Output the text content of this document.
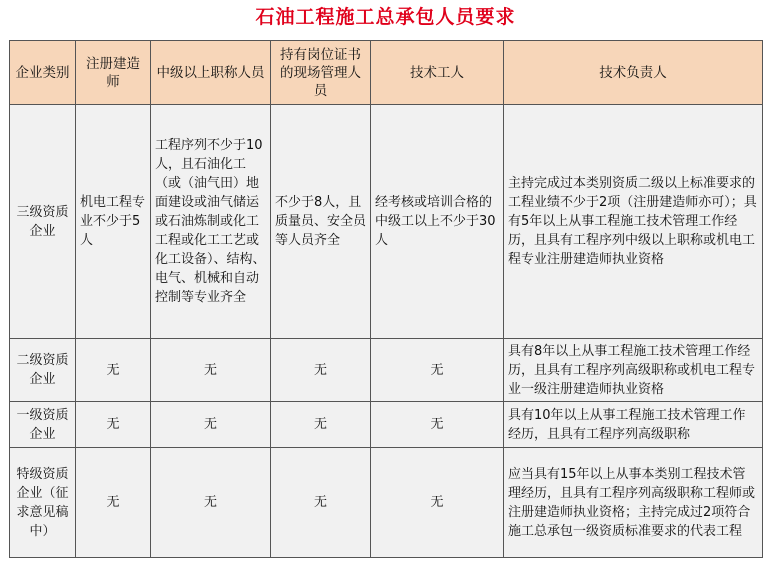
石油工程施工总承包人员要求
企业类别	注册建造师	中级以上职称人员	持有岗位证书的现场管理人员	技术工人	技术负责人
三级资质企业	机电工程专业不少于5人	工程序列不少于10人，且石油化工（或（油气田）地面建设或油气储运或石油炼制或化工工程或化工工艺或化工设备）、结构、电气、机械和自动控制等专业齐全	不少于8人，且质量员、安全员等人员齐全	经考核或培训合格的中级工以上不少于30人	主持完成过本类别资质二级以上标准要求的工程业绩不少于2项（注册建造师亦可）；具有5年以上从事工程施工技术管理工作经历，且具有工程序列中级以上职称或机电工程专业注册建造师执业资格
二级资质企业	无	无	无	无	具有8年以上从事工程施工技术管理工作经历，且具有工程序列高级职称或机电工程专业一级注册建造师执业资格
一级资质企业	无	无	无	无	具有10年以上从事工程施工技术管理工作经历，且具有工程序列高级职称
特级资质企业（征求意见稿中）	无	无	无	无	应当具有15年以上从事本类别工程技术管理经历，且具有工程序列高级职称工程师或注册建造师执业资格；主持完成过2项符合施工总承包一级资质标准要求的代表工程
